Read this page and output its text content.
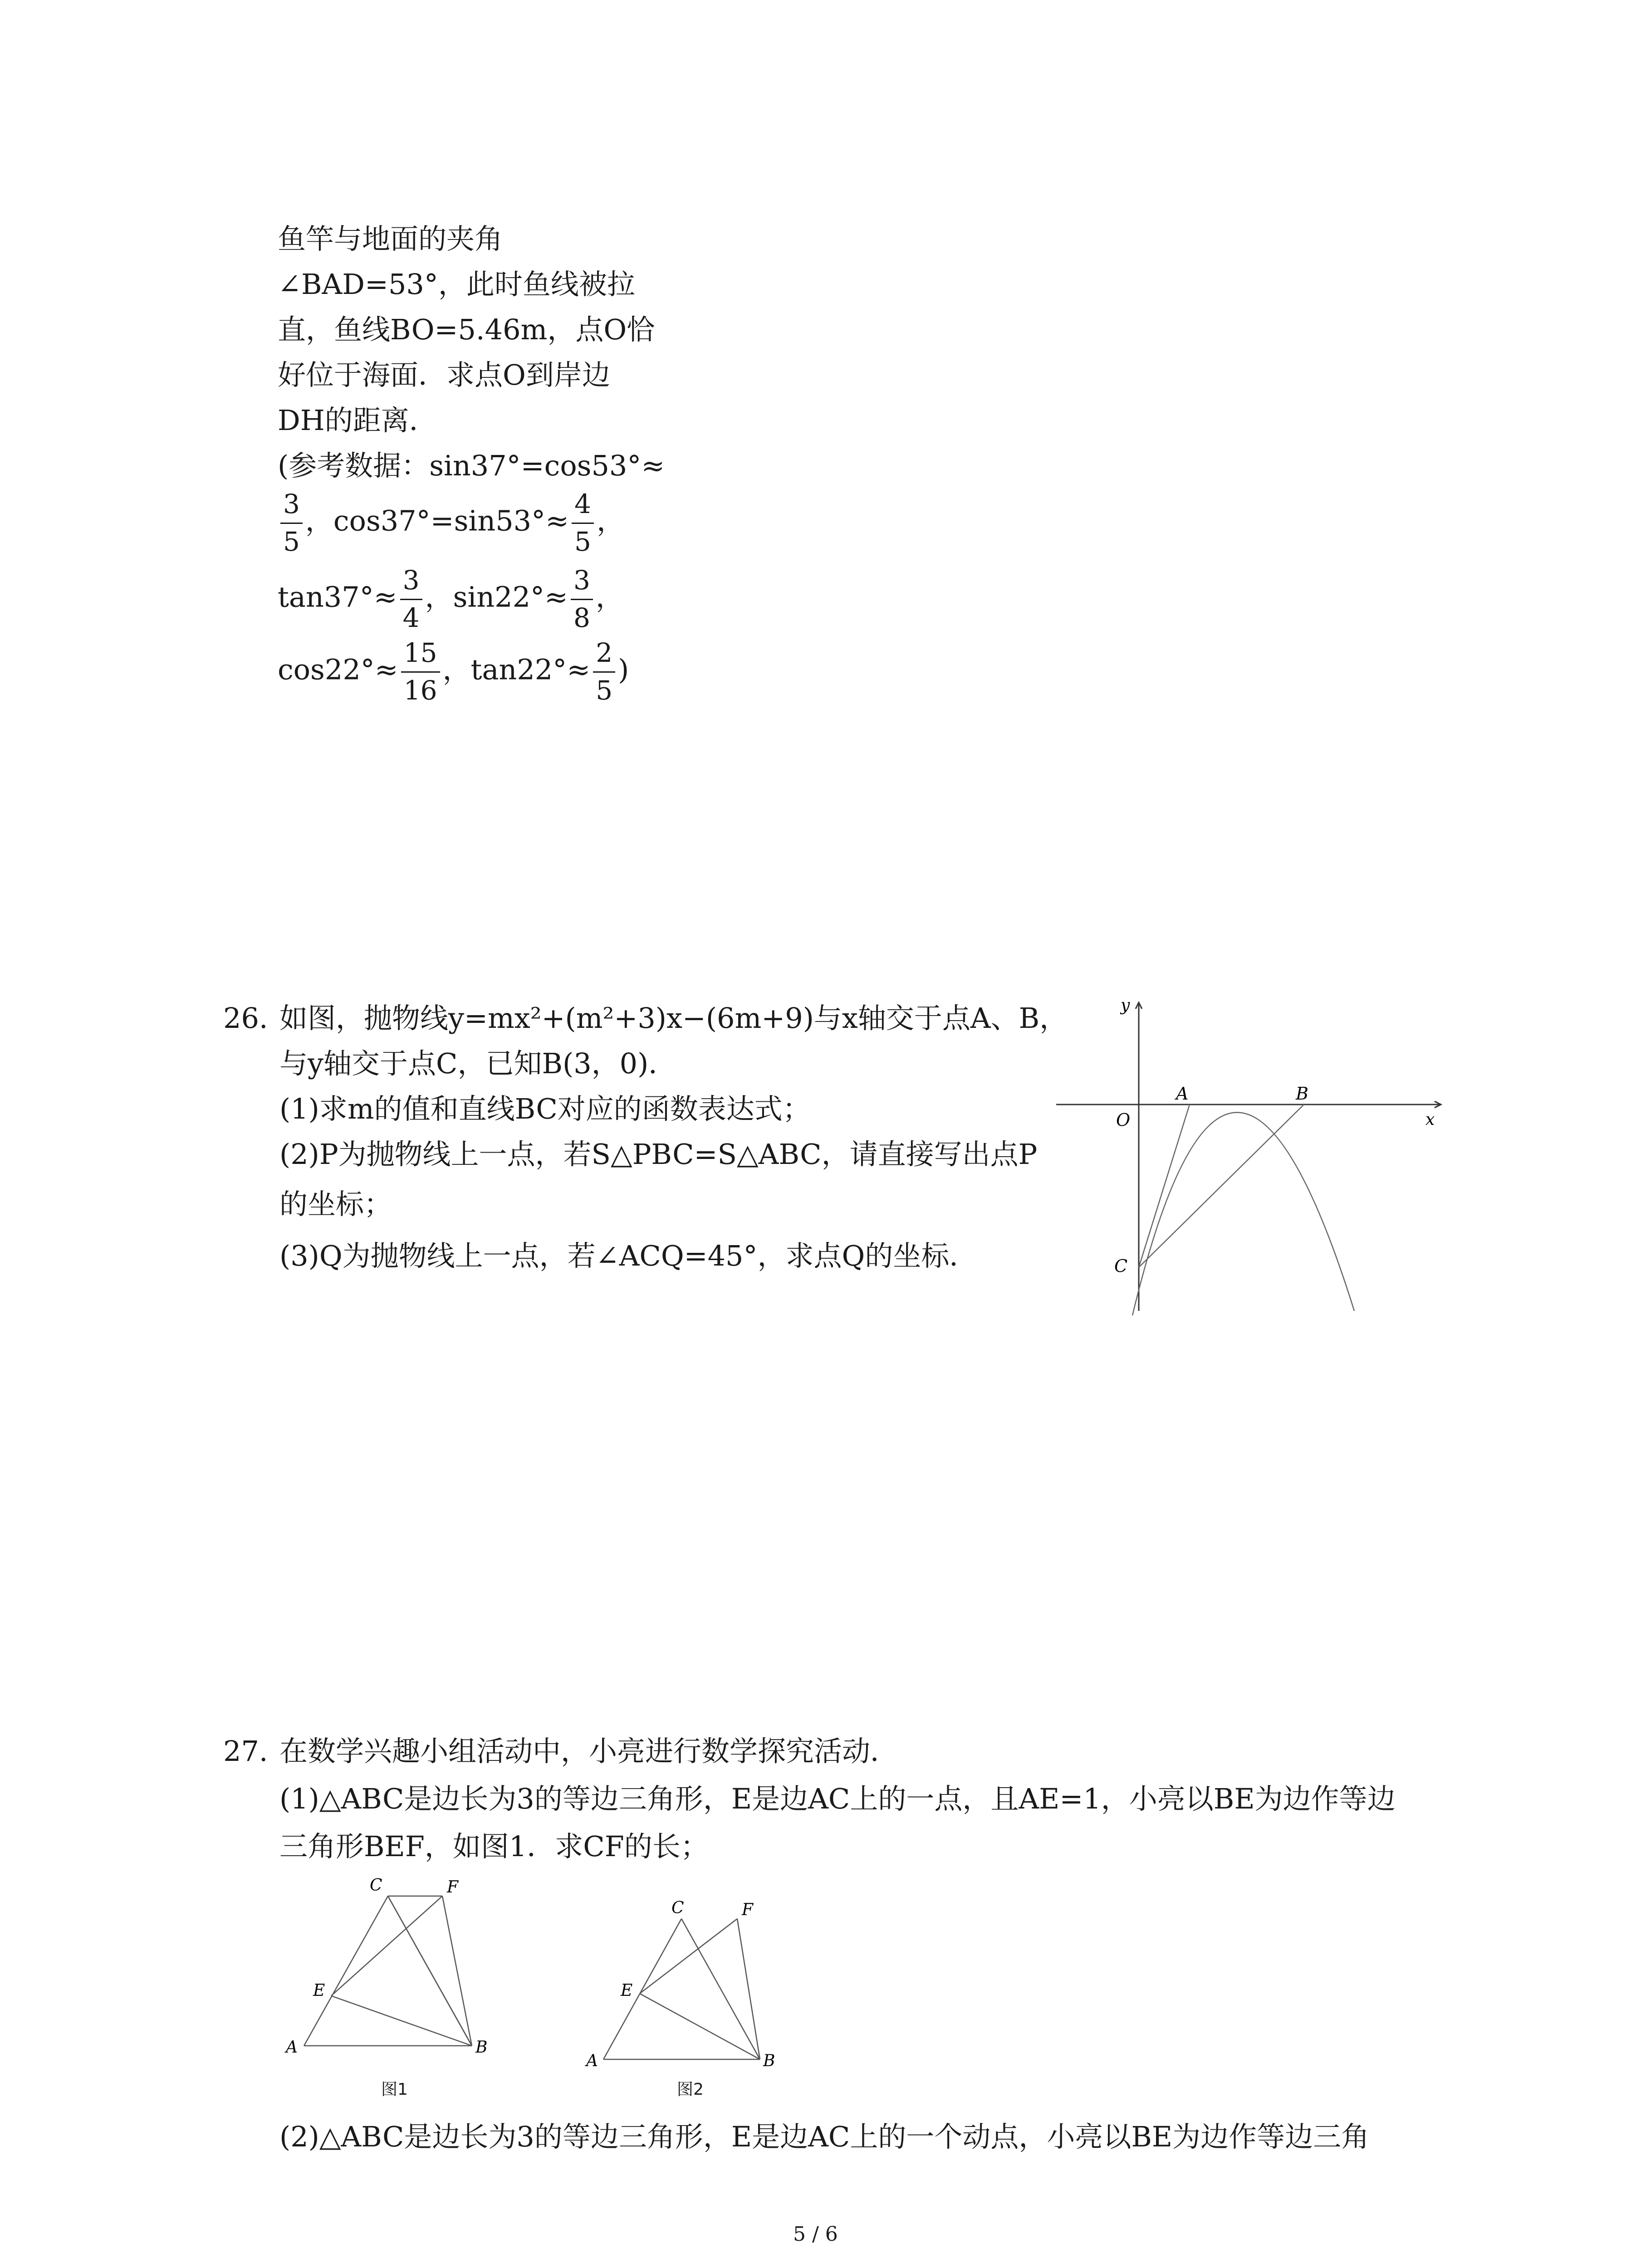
鱼竿与地面的夹角
∠BAD=53°，此时鱼线被拉
直，鱼线BO=5.46m，点O恰
好位于海面．求点O到岸边
DH的距离．
(参考数据：sin37°=cos53°≈
$\frac{3}{5}$ ，$\cos 37^\circ=\sin 53^\circ\approx \frac{4}{5}$ ，
$\tan 37^\circ\approx \frac{3}{4}$ ，$\sin 22^\circ\approx \frac{3}{8}$ ，
$\cos 22^\circ\approx \frac{15}{16}$ ，$\tan 22^\circ\approx \frac{2}{5}$ )
26. 如图，抛物线y=mx²+(m²+3)x−(6m+9)与x轴交于点A、B，
与y轴交于点C，已知B(3，0)．
(1)求m的值和直线BC对应的函数表达式；
(2)P为抛物线上一点，若S△PBC=S△ABC，请直接写出点P
的坐标；
(3)Q为抛物线上一点，若∠ACQ=45°，求点Q的坐标．
y
x
O
A	B
C
27. 在数学兴趣小组活动中，小亮进行数学探究活动．
(1)△ABC是边长为3的等边三角形，E是边AC上的一点，且AE=1，小亮以BE为边作等边
三角形BEF，如图1．求CF的长；
A	B
C	F
E
图1
A	B
C	F
E
图2
(2)△ABC是边长为3的等边三角形，E是边AC上的一个动点，小亮以BE为边作等边三角
5 / 6
